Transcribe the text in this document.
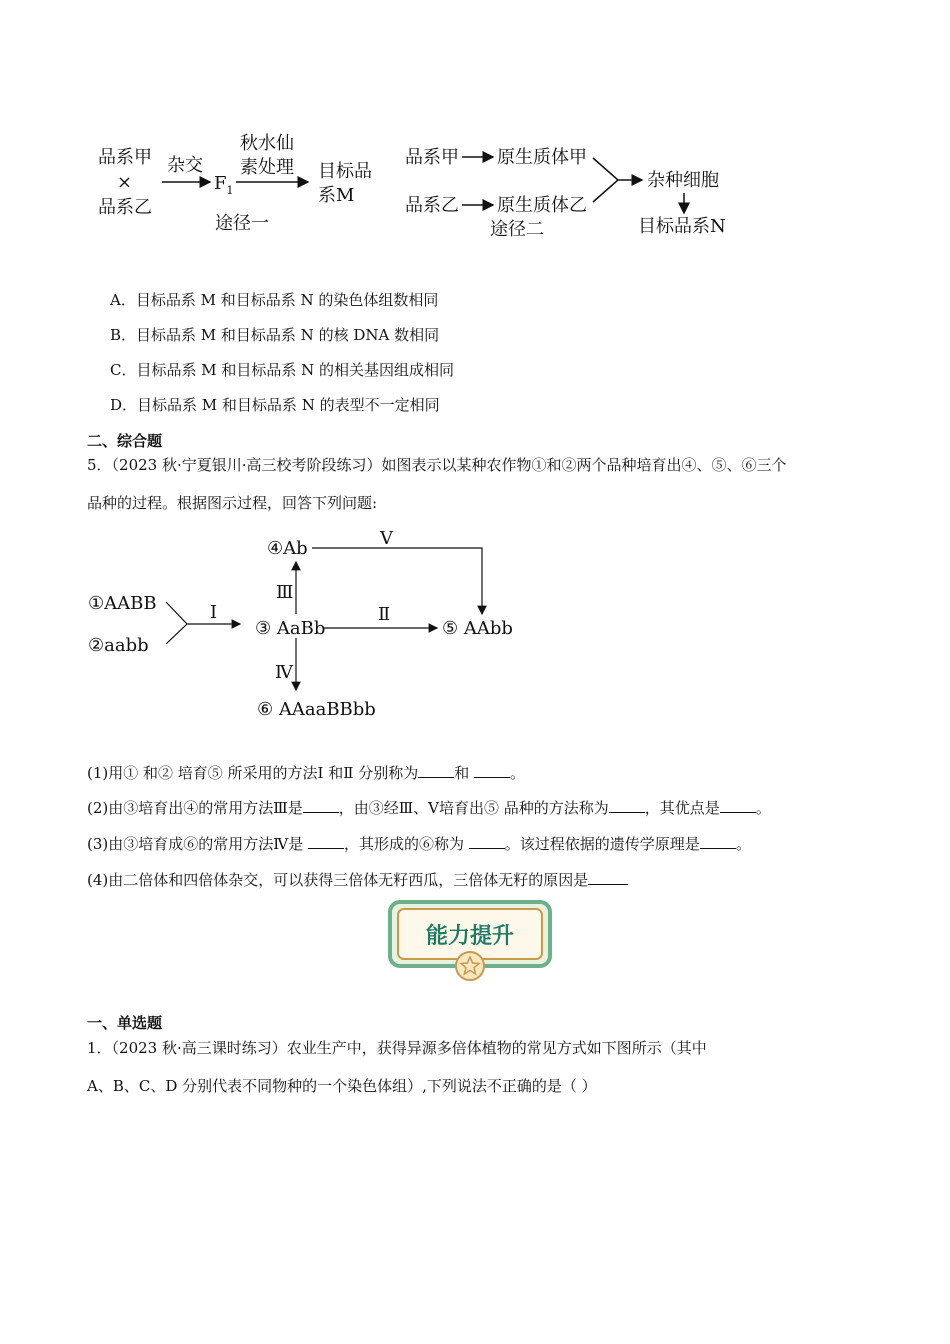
品系甲
×
品系乙
杂交
$F_1$
秋水仙
素处理 目标品
系M
途径一
品系甲 原生质体甲
品系乙 原生质体乙
杂种细胞
目标品系N
途径二
A．目标品系 M 和目标品系 N 的染色体组数相同
B．目标品系 M 和目标品系 N 的核 DNA 数相同
C．目标品系 M 和目标品系 N 的相关基因组成相同
D．目标品系 M 和目标品系 N 的表型不一定相同
二、综合题
5．（2023 秋·宁夏银川·高三校考阶段练习）如图表示以某种农作物①和②两个品种培育出④、⑤、⑥三个
品种的过程。根据图示过程，回答下列问题:
④Ab	Ⅴ
①AABB
②aabb
Ⅰ
③ AaBb
Ⅲ
Ⅱ
⑤ AAbb
Ⅳ
⑥ AAaaBBbb
(1)用① 和② 培育⑤ 所采用的方法Ⅰ 和Ⅱ 分别称为 和 。
(2)由③培育出④的常用方法Ⅲ是 ，由③经Ⅲ、Ⅴ培育出⑤ 品种的方法称为 ，其优点是 。
(3)由③培育成⑥的常用方法Ⅳ是 ，其形成的⑥称为 。该过程依据的遗传学原理是 。
(4)由二倍体和四倍体杂交，可以获得三倍体无籽西瓜，三倍体无籽的原因是
能力提升
一、单选题
1．（2023 秋·高三课时练习）农业生产中，获得异源多倍体植物的常见方式如下图所示（其中
A、B、C、D 分别代表不同物种的一个染色体组）,下列说法不正确的是（ ）
